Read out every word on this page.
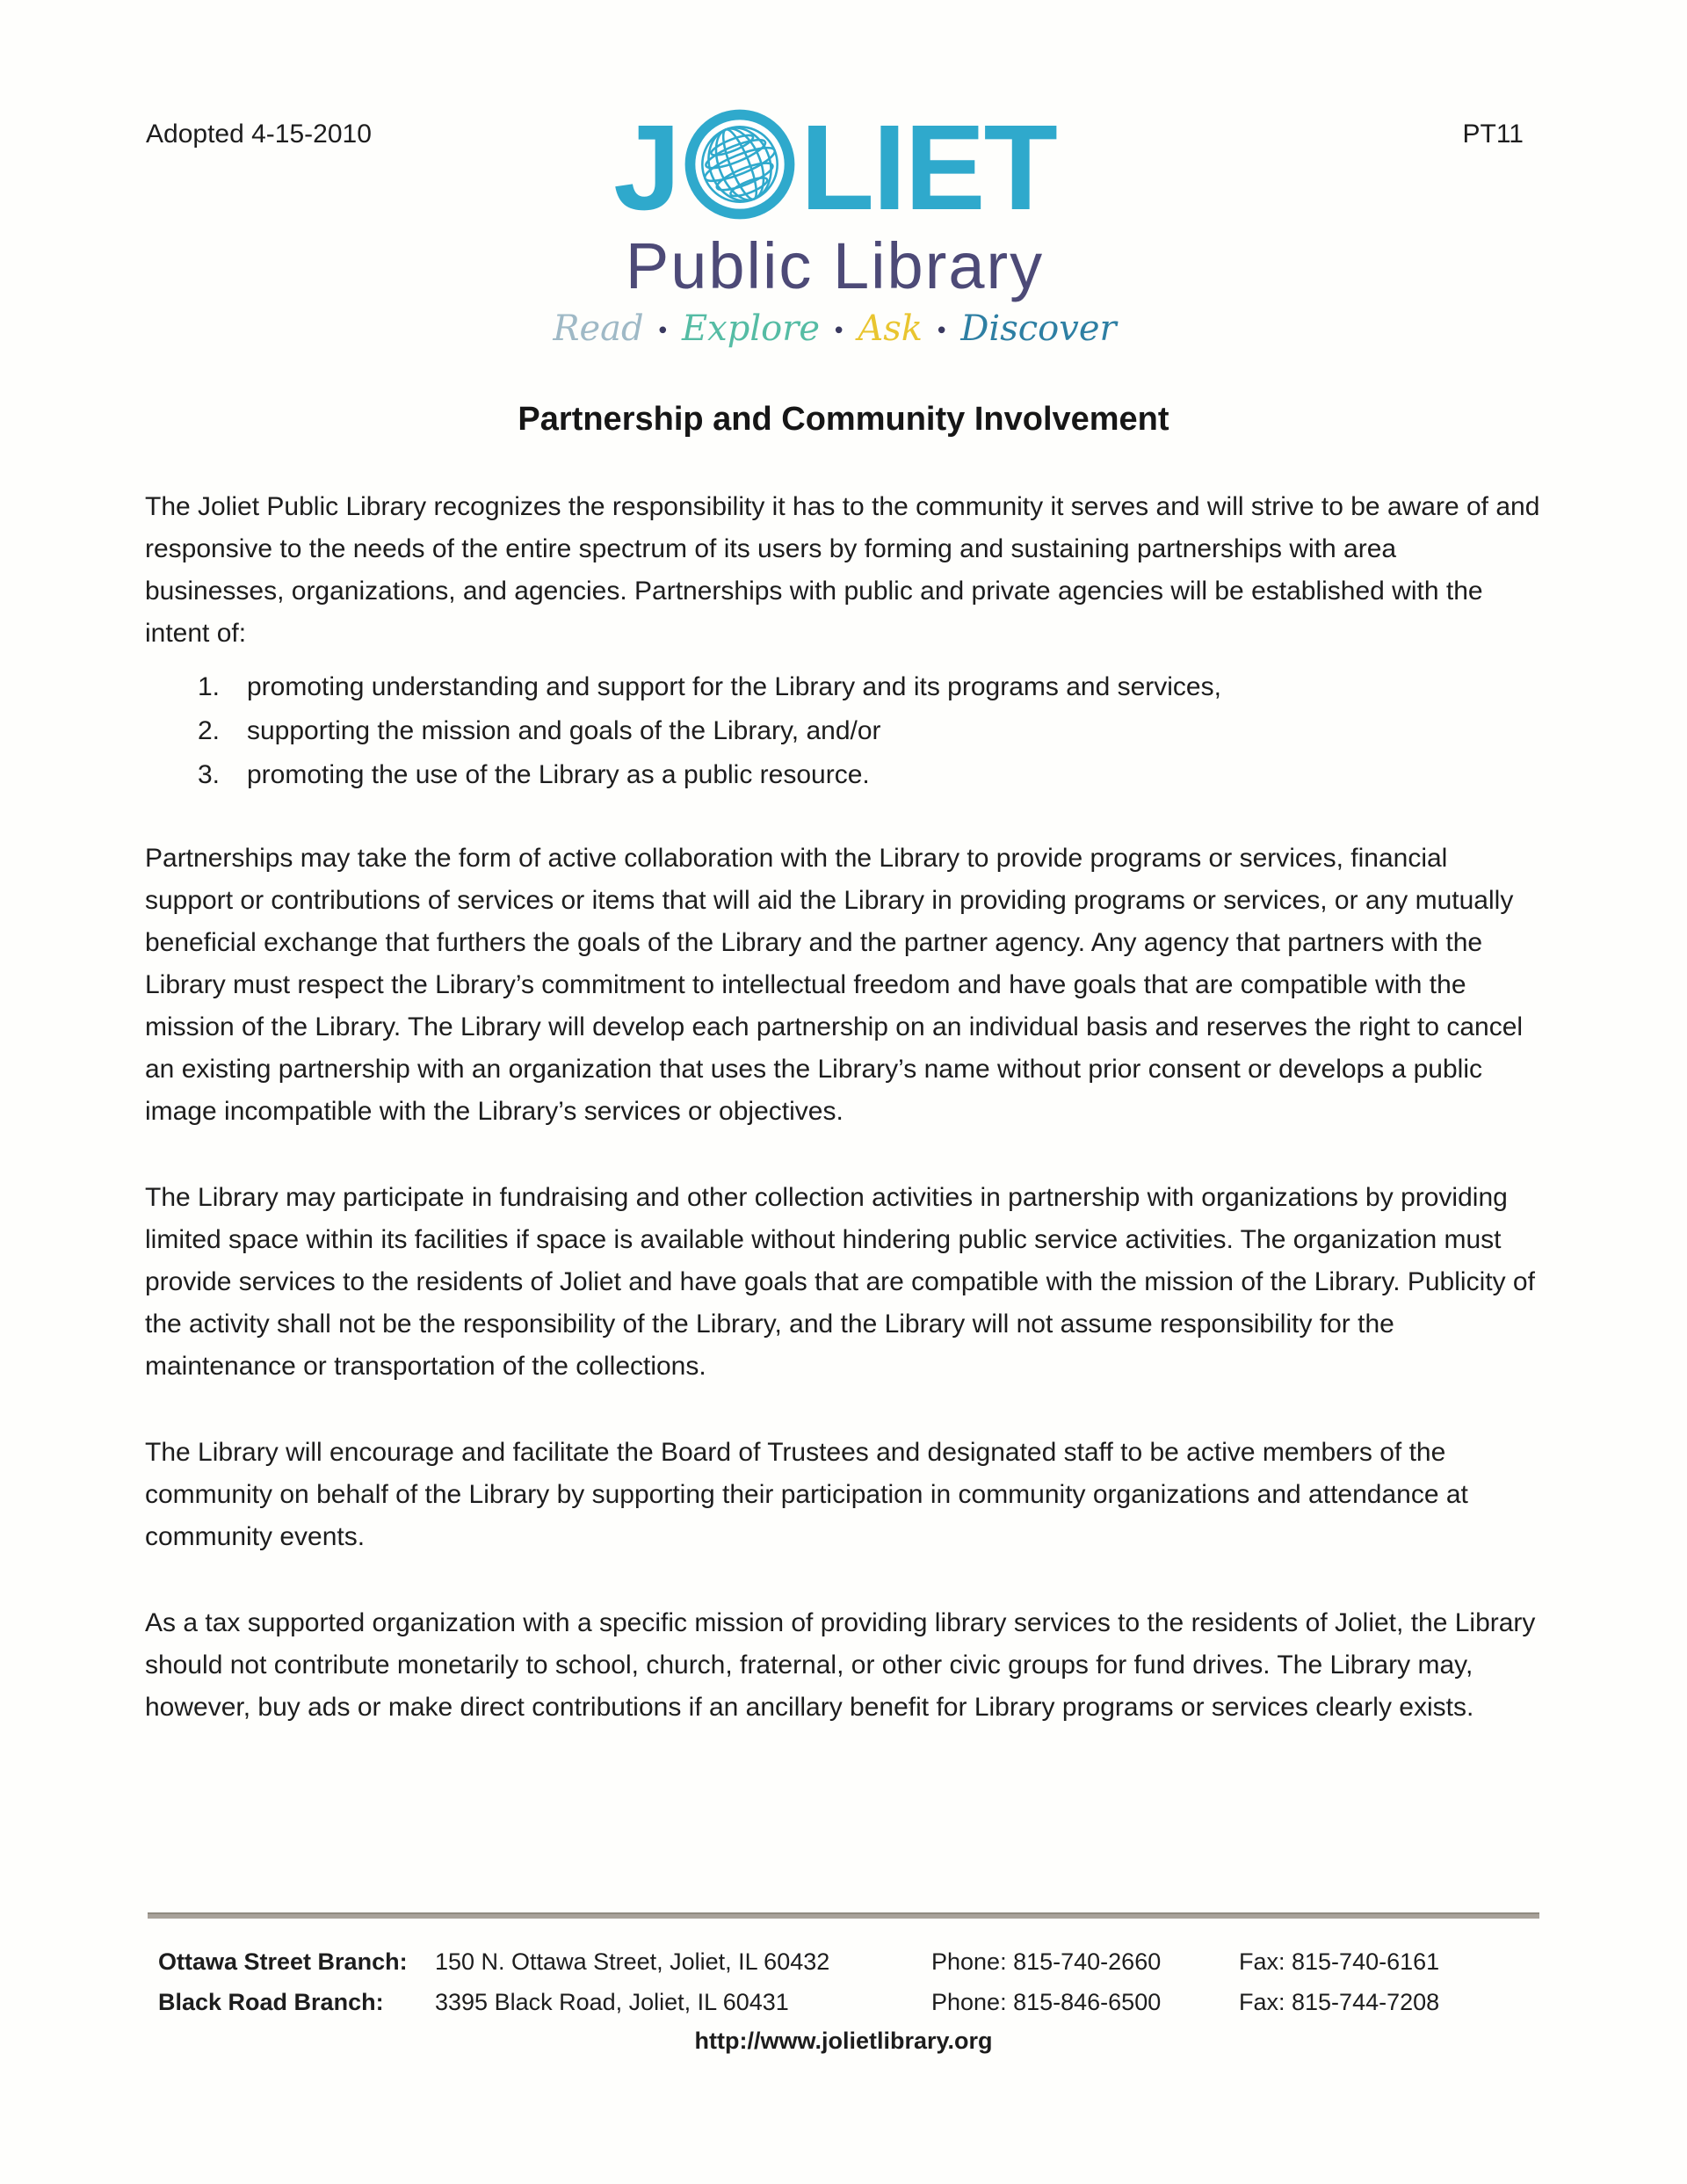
Adopted 4-15-2010 J LIET
Public Library
Read • Explore • Ask • Discover
PT11
Partnership and Community Involvement

The Joliet Public Library recognizes the responsibility it has to the community it serves and will strive to be aware of and responsive to the needs of the entire spectrum of its users by forming and sustaining partnerships with area businesses, organizations, and agencies. Partnerships with public and private agencies will be established with the intent of:

1.	promoting understanding and support for the Library and its programs and services,
2.	supporting the mission and goals of the Library, and/or
3.	promoting the use of the Library as a public resource.

Partnerships may take the form of active collaboration with the Library to provide programs or services, financial support or contributions of services or items that will aid the Library in providing programs or services, or any mutually beneficial exchange that furthers the goals of the Library and the partner agency. Any agency that partners with the Library must respect the Library’s commitment to intellectual freedom and have goals that are compatible with the mission of the Library. The Library will develop each partnership on an individual basis and reserves the right to cancel an existing partnership with an organization that uses the Library’s name without prior consent or develops a public image incompatible with the Library’s services or objectives.

The Library may participate in fundraising and other collection activities in partnership with organizations by providing limited space within its facilities if space is available without hindering public service activities. The organization must provide services to the residents of Joliet and have goals that are compatible with the mission of the Library. Publicity of the activity shall not be the responsibility of the Library, and the Library will not assume responsibility for the maintenance or transportation of the collections.

The Library will encourage and facilitate the Board of Trustees and designated staff to be active members of the community on behalf of the Library by supporting their participation in community organizations and attendance at community events.

As a tax supported organization with a specific mission of providing library services to the residents of Joliet, the Library should not contribute monetarily to school, church, fraternal, or other civic groups for fund drives. The Library may, however, buy ads or make direct contributions if an ancillary benefit for Library programs or services clearly exists.

Ottawa Street Branch:	150 N. Ottawa Street, Joliet, IL 60432	Phone: 815-740-2660	Fax: 815-740-6161
Black Road Branch:	3395 Black Road, Joliet, IL 60431	Phone: 815-846-6500	Fax: 815-744-7208
http://www.jolietlibrary.org
